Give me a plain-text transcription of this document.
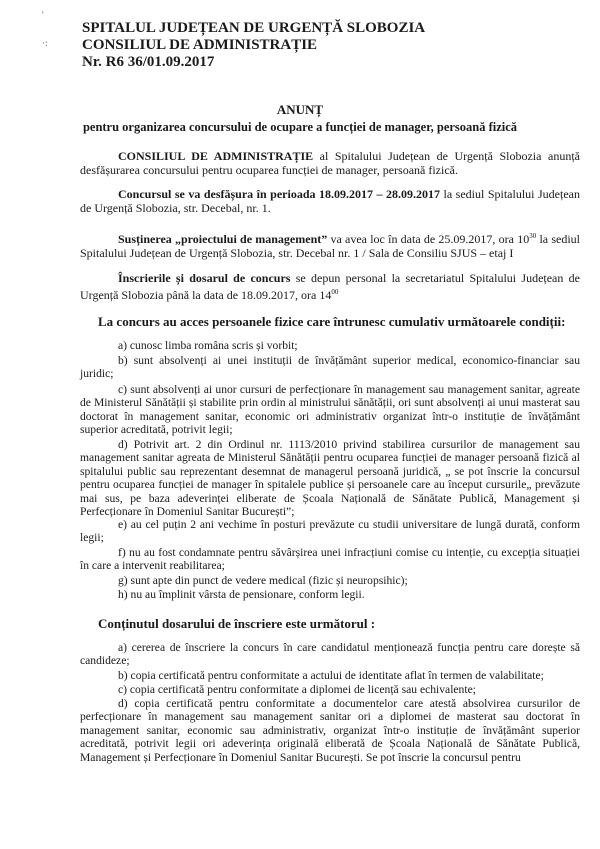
'
·:
SPITALUL JUDEȚEAN DE URGENȚĂ SLOBOZIA
CONSILIUL DE ADMINISTRAȚIE
Nr. R6 36/01.09.2017
ANUNȚ
pentru organizarea concursului de ocupare a funcției de manager, persoană fizică
CONSILIUL DE ADMINISTRAȚIE al Spitalului Județean de Urgență Slobozia anunță desfășurarea concursului pentru ocuparea funcției de manager, persoană fizică.
Concursul se va desfășura în perioada 18.09.2017 – 28.09.2017 la sediul Spitalului Județean de Urgență Slobozia, str. Decebal, nr. 1.
Susținerea „proiectului de management” va avea loc în data de 25.09.2017, ora $10^{30}$ la sediul Spitalului Județean de Urgență Slobozia, str. Decebal nr. 1 / Sala de Consiliu SJUS – etaj I
Înscrierile și dosarul de concurs se depun personal la secretariatul Spitalului Județean de Urgență Slobozia până la data de 18.09.2017, ora $14^{00}$
La concurs au acces persoanele fizice care întrunesc cumulativ următoarele condiții:
a) cunosc limba româna scris și vorbit;
b) sunt absolvenți ai unei instituții de învățământ superior medical, economico-financiar sau juridic;
c) sunt absolvenți ai unor cursuri de perfecționare în management sau management sanitar, agreate de Ministerul Sănătății și stabilite prin ordin al ministrului sănătății, ori sunt absolvenți ai unui masterat sau doctorat în management sanitar, economic ori administrativ organizat într-o instituție de învățământ superior acreditată, potrivit legii;
d) Potrivit art. 2 din Ordinul nr. 1113/2010 privind stabilirea cursurilor de management sau management sanitar agreata de Ministerul Sănătății pentru ocuparea funcției de manager persoană fizică al spitalului public sau reprezentant desemnat de managerul persoană juridică, „ se pot înscrie la concursul pentru ocuparea funcției de manager în spitalele publice și persoanele care au început cursurile„ prevăzute mai sus, pe baza adeverinței eliberate de Școala Națională de Sănătate Publică, Management și Perfecționare în Domeniul Sanitar București”;
e) au cel puțin 2 ani vechime în posturi prevăzute cu studii universitare de lungă durată, conform legii;
f) nu au fost condamnate pentru săvârșirea unei infracțiuni comise cu intenție, cu excepția situației în care a intervenit reabilitarea;
g) sunt apte din punct de vedere medical (fizic și neuropsihic);
h) nu au împlinit vârsta de pensionare, conform legii.
Conținutul dosarului de înscriere este următorul :
a) cererea de înscriere la concurs în care candidatul menționează funcția pentru care dorește să candideze;
b) copia certificată pentru conformitate a actului de identitate aflat în termen de valabilitate;
c) copia certificată pentru conformitate a diplomei de licență sau echivalente;
d) copia certificată pentru conformitate a documentelor care atestă absolvirea cursurilor de perfecționare în management sau management sanitar ori a diplomei de masterat sau doctorat în management sanitar, economic sau administrativ, organizat într-o instituție de învățământ superior acreditată, potrivit legii ori adeverința originală eliberată de Școala Națională de Sănătate Publică, Management și Perfecționare în Domeniul Sanitar București. Se pot înscrie la concursul pentru
